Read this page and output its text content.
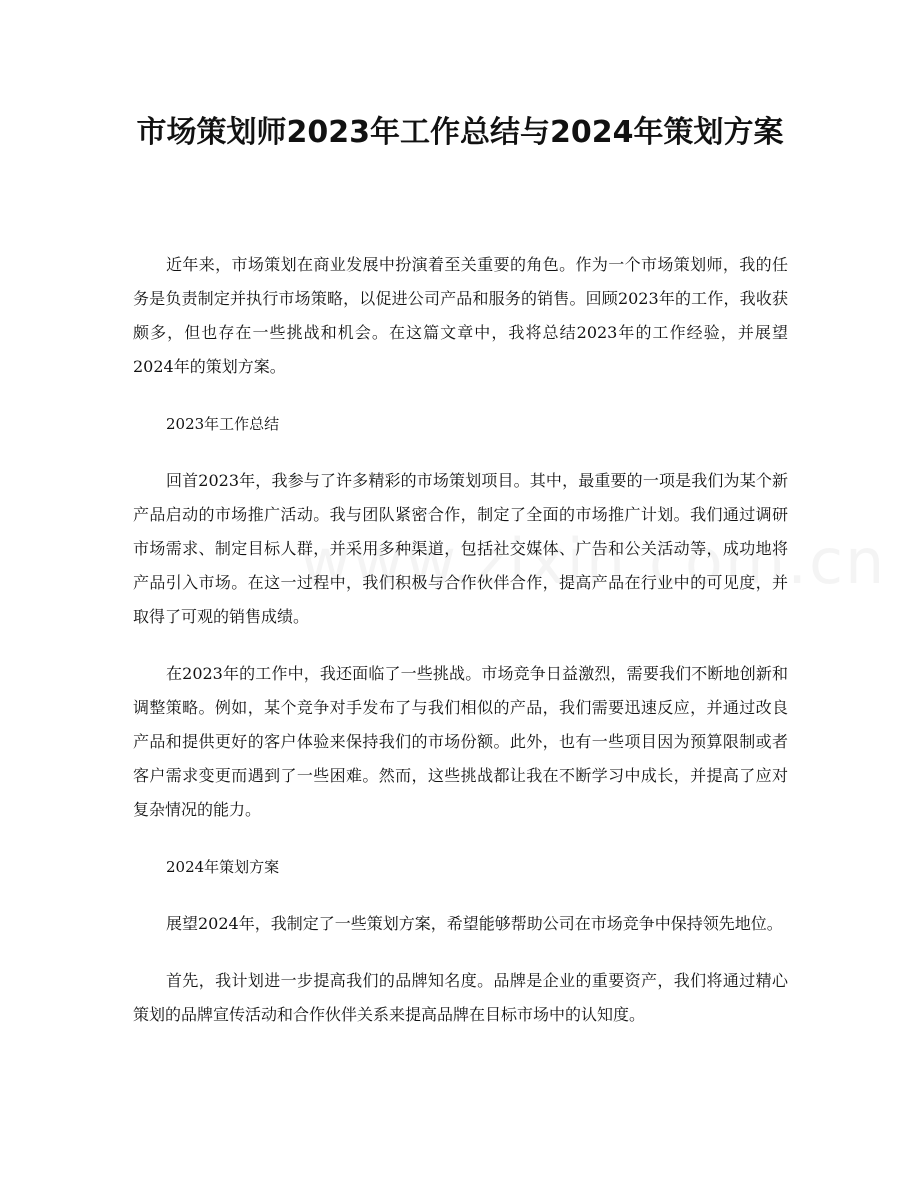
市场策划师2023年工作总结与2024年策划方案

近年来，市场策划在商业发展中扮演着至关重要的角色。作为一个市场策划师，我的任务是负责制定并执行市场策略，以促进公司产品和服务的销售。回顾2023年的工作，我收获颇多，但也存在一些挑战和机会。在这篇文章中，我将总结2023年的工作经验，并展望2024年的策划方案。

2023年工作总结

回首2023年，我参与了许多精彩的市场策划项目。其中，最重要的一项是我们为某个新产品启动的市场推广活动。我与团队紧密合作，制定了全面的市场推广计划。我们通过调研市场需求、制定目标人群，并采用多种渠道，包括社交媒体、广告和公关活动等，成功地将产品引入市场。在这一过程中，我们积极与合作伙伴合作，提高产品在行业中的可见度，并取得了可观的销售成绩。

在2023年的工作中，我还面临了一些挑战。市场竞争日益激烈，需要我们不断地创新和调整策略。例如，某个竞争对手发布了与我们相似的产品，我们需要迅速反应，并通过改良产品和提供更好的客户体验来保持我们的市场份额。此外，也有一些项目因为预算限制或者客户需求变更而遇到了一些困难。然而，这些挑战都让我在不断学习中成长，并提高了应对复杂情况的能力。

2024年策划方案

展望2024年，我制定了一些策划方案，希望能够帮助公司在市场竞争中保持领先地位。

首先，我计划进一步提高我们的品牌知名度。品牌是企业的重要资产，我们将通过精心策划的品牌宣传活动和合作伙伴关系来提高品牌在目标市场中的认知度。
